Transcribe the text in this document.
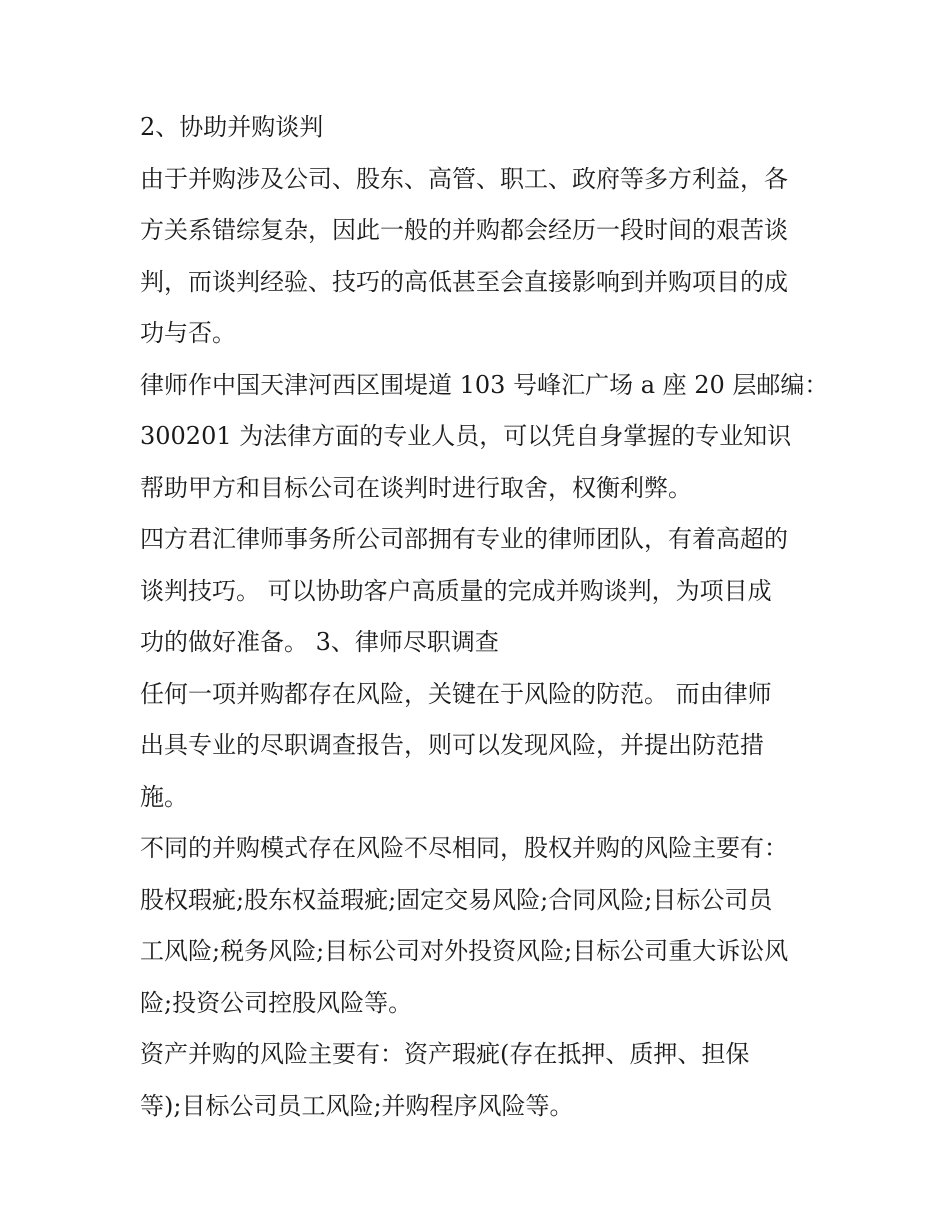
2、协助并购谈判
由于并购涉及公司、股东、高管、职工、政府等多方利益，各
方关系错综复杂，因此一般的并购都会经历一段时间的艰苦谈
判，而谈判经验、技巧的高低甚至会直接影响到并购项目的成
功与否。
律师作中国天津河西区围堤道 103 号峰汇广场 a 座 20 层邮编：
300201 为法律方面的专业人员，可以凭自身掌握的专业知识
帮助甲方和目标公司在谈判时进行取舍，权衡利弊。
四方君汇律师事务所公司部拥有专业的律师团队，有着高超的
谈判技巧。 可以协助客户高质量的完成并购谈判，为项目成
功的做好准备。 3、律师尽职调查
任何一项并购都存在风险，关键在于风险的防范。 而由律师
出具专业的尽职调查报告，则可以发现风险，并提出防范措
施。
不同的并购模式存在风险不尽相同，股权并购的风险主要有：
股权瑕疵;股东权益瑕疵;固定交易风险;合同风险;目标公司员
工风险;税务风险;目标公司对外投资风险;目标公司重大诉讼风
险;投资公司控股风险等。
资产并购的风险主要有：资产瑕疵(存在抵押、质押、担保
等);目标公司员工风险;并购程序风险等。
